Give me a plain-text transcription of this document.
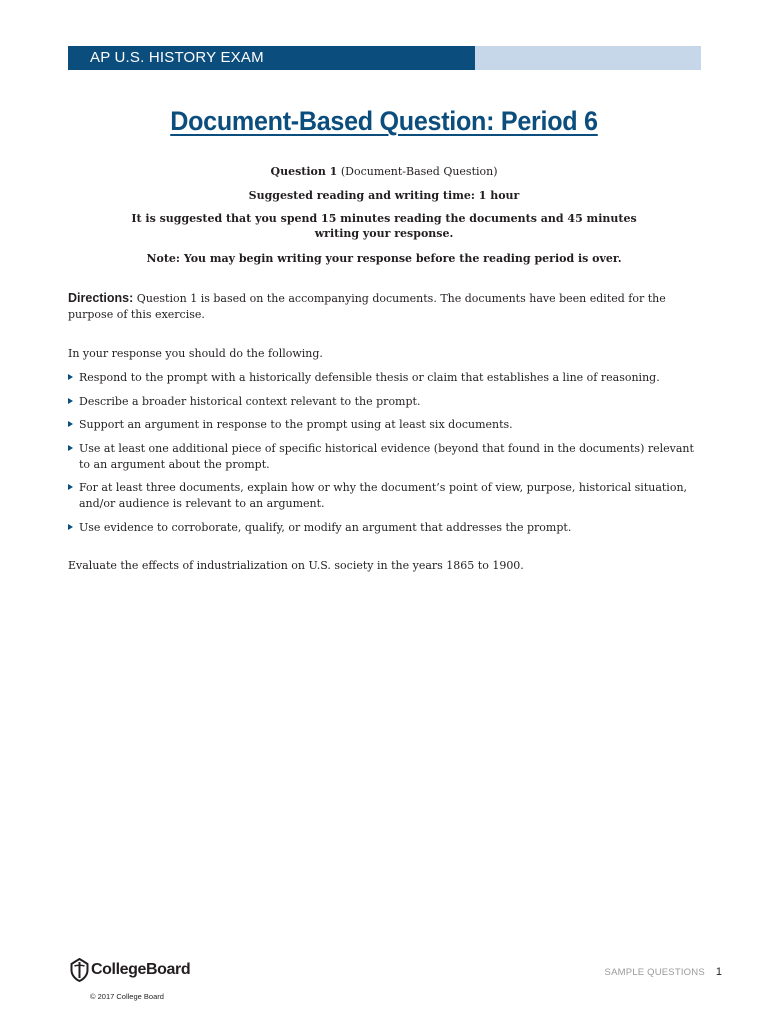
AP U.S. HISTORY EXAM
Document-Based Question: Period 6
Question 1 (Document-Based Question)
Suggested reading and writing time: 1 hour
It is suggested that you spend 15 minutes reading the documents and 45 minutes writing your response.
Note: You may begin writing your response before the reading period is over.
Directions: Question 1 is based on the accompanying documents. The documents have been edited for the purpose of this exercise.
In your response you should do the following.
Respond to the prompt with a historically defensible thesis or claim that establishes a line of reasoning.
Describe a broader historical context relevant to the prompt.
Support an argument in response to the prompt using at least six documents.
Use at least one additional piece of specific historical evidence (beyond that found in the documents) relevant to an argument about the prompt.
For at least three documents, explain how or why the document’s point of view, purpose, historical situation, and/or audience is relevant to an argument.
Use evidence to corroborate, qualify, or modify an argument that addresses the prompt.
Evaluate the effects of industrialization on U.S. society in the years 1865 to 1900.
CollegeBoard
© 2017 College Board
SAMPLE QUESTIONS 1
